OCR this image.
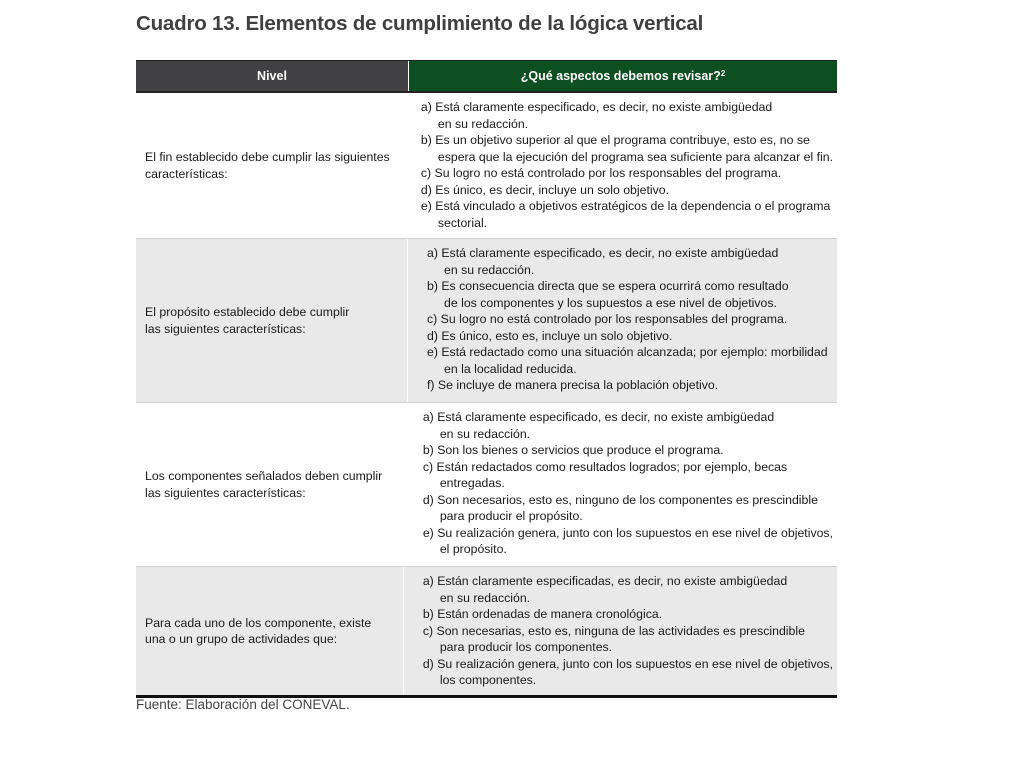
Cuadro 13. Elementos de cumplimiento de la lógica vertical
Nivel	¿Qué aspectos debemos revisar?$^2$
El fin establecido debe cumplir las siguientes
características:
a) Está claramente especificado, es decir, no existe ambigüedad
en su redacción.
b) Es un objetivo superior al que el programa contribuye, esto es, no se
espera que la ejecución del programa sea suficiente para alcanzar el fin.
c) Su logro no está controlado por los responsables del programa.
d) Es único, es decir, incluye un solo objetivo.
e) Está vinculado a objetivos estratégicos de la dependencia o el programa
sectorial.
El propósito establecido debe cumplir
las siguientes características:
a) Está claramente especificado, es decir, no existe ambigüedad
en su redacción.
b) Es consecuencia directa que se espera ocurrirá como resultado
de los componentes y los supuestos a ese nivel de objetivos.
c) Su logro no está controlado por los responsables del programa.
d) Es único, esto es, incluye un solo objetivo.
e) Está redactado como una situación alcanzada; por ejemplo: morbilidad
en la localidad reducida.
f) Se incluye de manera precisa la población objetivo.
Los componentes señalados deben cumplir
las siguientes características:
a) Está claramente especificado, es decir, no existe ambigüedad
en su redacción.
b) Son los bienes o servicios que produce el programa.
c) Están redactados como resultados logrados; por ejemplo, becas
entregadas.
d) Son necesarios, esto es, ninguno de los componentes es prescindible
para producir el propósito.
e) Su realización genera, junto con los supuestos en ese nivel de objetivos,
el propósito.
Para cada uno de los componente, existe
una o un grupo de actividades que:
a) Están claramente especificadas, es decir, no existe ambigüedad
en su redacción.
b) Están ordenadas de manera cronológica.
c) Son necesarias, esto es, ninguna de las actividades es prescindible
para producir los componentes.
d) Su realización genera, junto con los supuestos en ese nivel de objetivos,
los componentes.
Fuente: Elaboración del CONEVAL.
